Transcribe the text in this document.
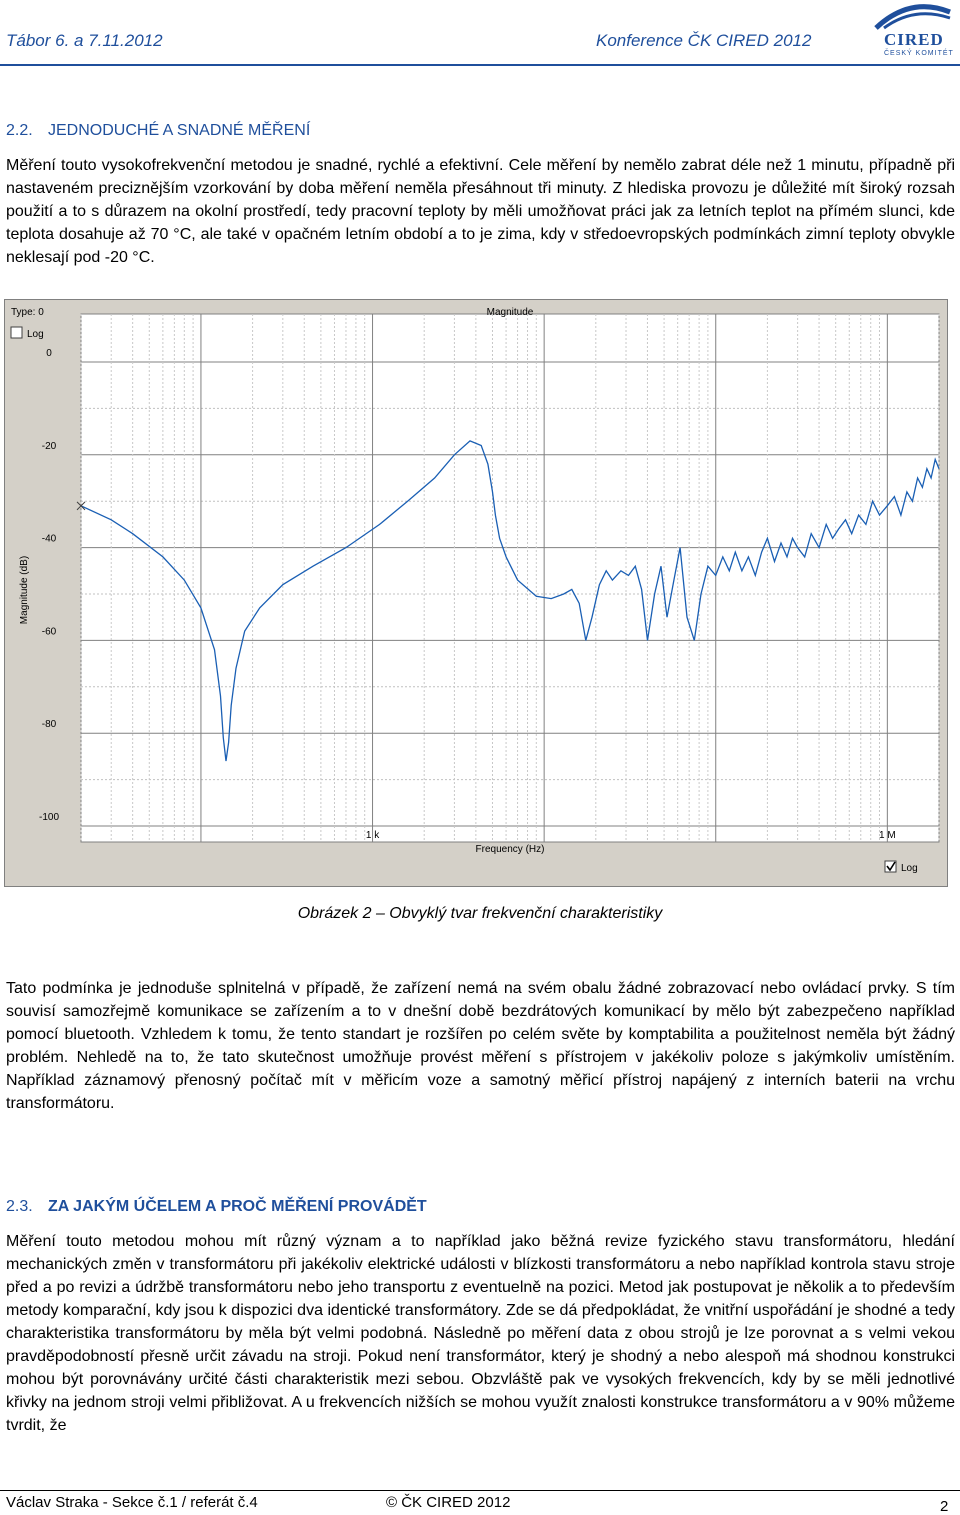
Tábor 6. a 7.11.2012	Konference ČK CIRED 2012	CIRED
ČESKÝ KOMITÉT
2.2. JEDNODUCHÉ A SNADNÉ MĚŘENÍ

Měření touto vysokofrekvenční metodou je snadné, rychlé a efektivní. Cele měření by nemělo zabrat déle než 1 minutu, případně při nastaveném preciznějším vzorkování by doba měření neměla přesáhnout tři minuty. Z hlediska provozu je důležité mít široký rozsah použití a to s důrazem na okolní prostředí, tedy pracovní teploty by měli umožňovat práci jak za letních teplot na přímém slunci, kde teplota dosahuje až 70 °C, ale také v opačném letním období a to je zima, kdy v středoevropských podmínkách zimní teploty obvykle neklesají pod -20 °C.

Type: 0	Magnitude
Log
Log
Frequency (Hz)
Magnitude (dB)
0
-20
-40
-60
-80
-100
1 k	1 M
Obrázek 2 – Obvyklý tvar frekvenční charakteristiky

Tato podmínka je jednoduše splnitelná v případě, že zařízení nemá na svém obalu žádné zobrazovací nebo ovládací prvky. S tím souvisí samozřejmě komunikace se zařízením a to v dnešní době bezdrátových komunikací by mělo být zabezpečeno například pomocí bluetooth. Vzhledem k tomu, že tento standart je rozšířen po celém světe by komptabilita a použitelnost neměla být žádný problém. Nehledě na to, že tato skutečnost umožňuje provést měření s přístrojem v jakékoliv poloze s jakýmkoliv umístěním. Například záznamový přenosný počítač mít v měřicím voze a samotný měřicí přístroj napájený z interních baterii na vrchu transformátoru.

2.3. ZA JAKÝM ÚČELEM A PROČ MĚŘENÍ PROVÁDĚT

Měření touto metodou mohou mít různý význam a to například jako běžná revize fyzického stavu transformátoru, hledání mechanických změn v transformátoru při jakékoliv elektrické události v blízkosti transformátoru a nebo například kontrola stavu stroje před a po revizi a údržbě transformátoru nebo jeho transportu z eventuelně na pozici. Metod jak postupovat je několik a to především metody komparační, kdy jsou k dispozici dva identické transformátory. Zde se dá předpokládat, že vnitřní uspořádání je shodné a tedy charakteristika transformátoru by měla být velmi podobná. Následně po měření data z obou strojů je lze porovnat a s velmi vekou pravděpodobností přesně určit závadu na stroji. Pokud není transformátor, který je shodný a nebo alespoň má shodnou konstrukci mohou být porovnávány určité části charakteristik mezi sebou. Obzvláště pak ve vysokých frekvencích, kdy by se měli jednotlivé křivky na jednom stroji velmi přibližovat. A u frekvencích nižších se mohou využít znalosti konstrukce transformátoru a v 90% můžeme tvrdit, že

Václav Straka - Sekce č.1 / referát č.4	© ČK CIRED 2012	2
